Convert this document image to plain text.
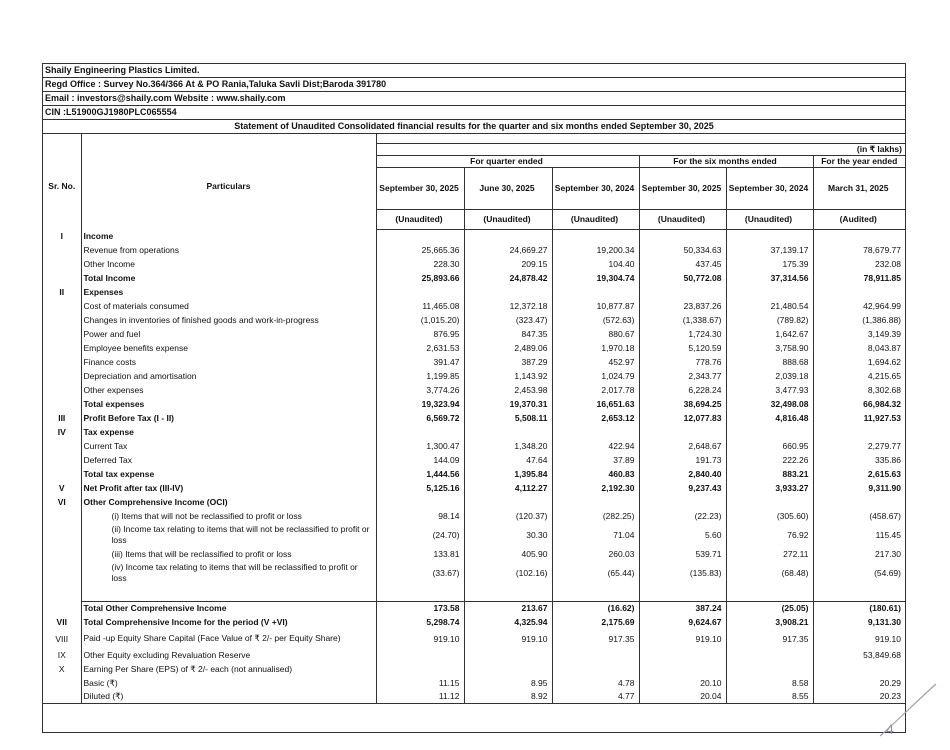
Shaily Engineering Plastics Limited.
Regd Office : Survey No.364/366 At & PO Rania,Taluka Savli Dist;Baroda 391780
Email : investors@shaily.com Website : www.shaily.com
CIN :L51900GJ1980PLC065554
Statement of Unaudited Consolidated financial results for the quarter and six months ended September 30, 2025

Sr. No.	Particulars						(in ₹ lakhs)
		For quarter ended			For the six months ended		For the year ended
		September 30, 2025	June 30, 2025	September 30, 2024	September 30, 2025	September 30, 2024	March 31, 2025
		(Unaudited)	(Unaudited)	(Unaudited)	(Unaudited)	(Unaudited)	(Audited)
I	Income						
	Revenue from operations	25,665.36	24,669.27	19,200.34	50,334.63	37,139.17	78,679.77
	Other Income	228.30	209.15	104.40	437.45	175.39	232.08
	Total Income	25,893.66	24,878.42	19,304.74	50,772.08	37,314.56	78,911.85
II	Expenses						
	Cost of materials consumed	11,465.08	12,372.18	10,877.87	23,837.26	21,480.54	42,964.99
	Changes in inventories of finished goods and work-in-progress	(1,015.20)	(323.47)	(572.63)	(1,338.67)	(789.82)	(1,386.88)
	Power and fuel	876.95	847.35	880.67	1,724.30	1,642.67	3,149.39
	Employee benefits expense	2,631.53	2,489.06	1,970.18	5,120.59	3,758.90	8,043.87
	Finance costs	391.47	387.29	452.97	778.76	888.68	1,694.62
	Depreciation and amortisation	1,199.85	1,143.92	1,024.79	2,343.77	2,039.18	4,215.65
	Other expenses	3,774.26	2,453.98	2,017.78	6,228.24	3,477.93	8,302.68
	Total expenses	19,323.94	19,370.31	16,651.63	38,694.25	32,498.08	66,984.32
III	Profit Before Tax (I - II)	6,569.72	5,508.11	2,653.12	12,077.83	4,816.48	11,927.53
IV	Tax expense						
	Current Tax	1,300.47	1,348.20	422.94	2,648.67	660.95	2,279.77
	Deferred Tax	144.09	47.64	37.89	191.73	222.26	335.86
	Total tax expense	1,444.56	1,395.84	460.83	2,840.40	883.21	2,615.63
V	Net Profit after tax (III-IV)	5,125.16	4,112.27	2,192.30	9,237.43	3,933.27	9,311.90
VI	Other Comprehensive Income (OCI)						
	(i) Items that will not be reclassified to profit or loss	98.14	(120.37)	(282.25)	(22.23)	(305.60)	(458.67)
	(ii) Income tax relating to items that will not be reclassified to profit or loss	(24.70)	30.30	71.04	5.60	76.92	115.45
	(iii) Items that will be reclassified to profit or loss	133.81	405.90	260.03	539.71	272.11	217.30
	(iv) Income tax relating to items that will be reclassified to profit or loss	(33.67)	(102.16)	(65.44)	(135.83)	(68.48)	(54.69)

	Total Other Comprehensive Income	173.58	213.67	(16.62)	387.24	(25.05)	(180.61)
VII	Total Comprehensive Income for the period (V +VI)	5,298.74	4,325.94	2,175.69	9,624.67	3,908.21	9,131.30
VIII	Paid -up Equity Share Capital (Face Value of ₹ 2/- per Equity Share)	919.10	919.10	917.35	919.10	917.35	919.10
IX	Other Equity excluding Revaluation Reserve						53,849.68
X	Earning Per Share (EPS) of ₹ 2/- each (not annualised)						
	Basic (₹)	11.15	8.95	4.78	20.10	8.58	20.29
	Diluted (₹)	11.12	8.92	4.77	20.04	8.55	20.23

4
